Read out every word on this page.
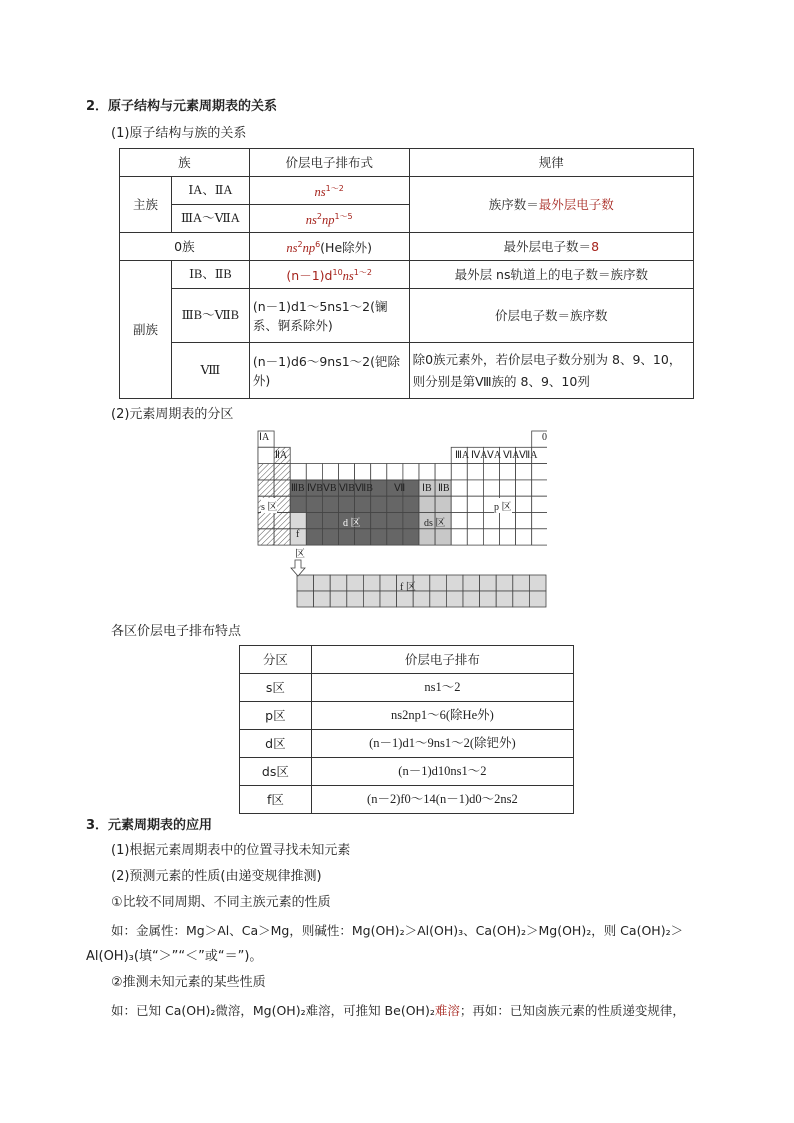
2．原子结构与元素周期表的关系
(1)原子结构与族的关系
族		价层电子排布式	规律
主族	ⅠA、ⅡA	$ns^{1\sim 2}$	族序数＝最外层电子数
	ⅢA～ⅦA	$ns^2np^{1\sim 5}$
0族		$ns^2np^6(He$除外)	最外层电子数＝8
副族	ⅠB、ⅡB	$(n-1)d^{10}ns^{1\sim 2}$	最外层 ns轨道上的电子数＝族序数
	ⅢB～ⅦB	(n－1)d1～5ns1～2(镧系、锕系除外)	价层电子数＝族序数
	Ⅷ	(n－1)d6～9ns1～2(钯除外)	除0族元素外，若价层电子数分别为 8、9、10，则分别是第Ⅷ族的 8、9、10列
(2)元素周期表的分区
ⅠA
ⅡA
0
ⅢA ⅣA ⅤA ⅥA ⅦA
ⅢB ⅣB ⅤB ⅥB ⅦB Ⅶ ⅠB ⅡB
s 区	p 区
d 区	ds 区
f
区
f 区
各区价层电子排布特点
分区	价层电子排布
s区	ns1～2
p区	ns2np1～6(除He外)
d区	(n－1)d1～9ns1～2(除钯外)
ds区	(n－1)d10ns1～2
f区	(n－2)f0～14(n－1)d0～2ns2
3．元素周期表的应用
(1)根据元素周期表中的位置寻找未知元素
(2)预测元素的性质(由递变规律推测)
①比较不同周期、不同主族元素的性质
如：金属性：Mg＞Al、Ca＞Mg，则碱性：Mg(OH)₂＞Al(OH)₃、Ca(OH)₂＞Mg(OH)₂，则 Ca(OH)₂＞
Al(OH)₃(填“＞”“＜”或“＝”)。
②推测未知元素的某些性质
如：已知 Ca(OH)₂微溶，Mg(OH)₂难溶，可推知 Be(OH)₂难溶；再如：已知卤族元素的性质递变规律，
